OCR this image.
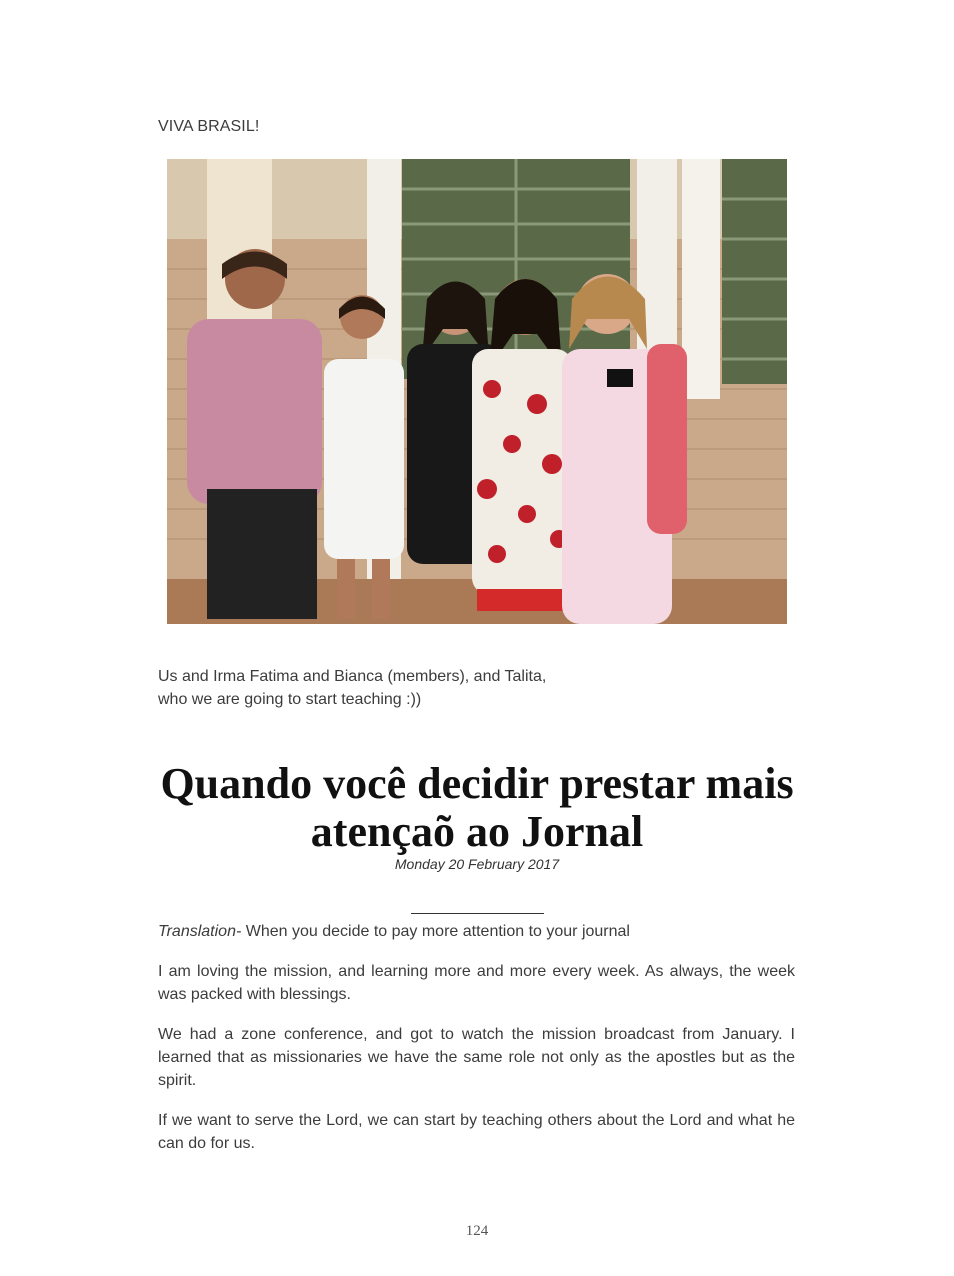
VIVA BRASIL!
Us and Irma Fatima and Bianca (members), and Talita,
who we are going to start teaching :))
Quando você decidir prestar mais
atençaõ ao Jornal
Monday 20 February 2017

Translation- When you decide to pay more attention to your journal

I am loving the mission, and learning more and more every week. As always, the week was packed with blessings.

We had a zone conference, and got to watch the mission broadcast from January. I learned that as missionaries we have the same role not only as the apostles but as the spirit.

If we want to serve the Lord, we can start by teaching others about the Lord and what he can do for us.

124
